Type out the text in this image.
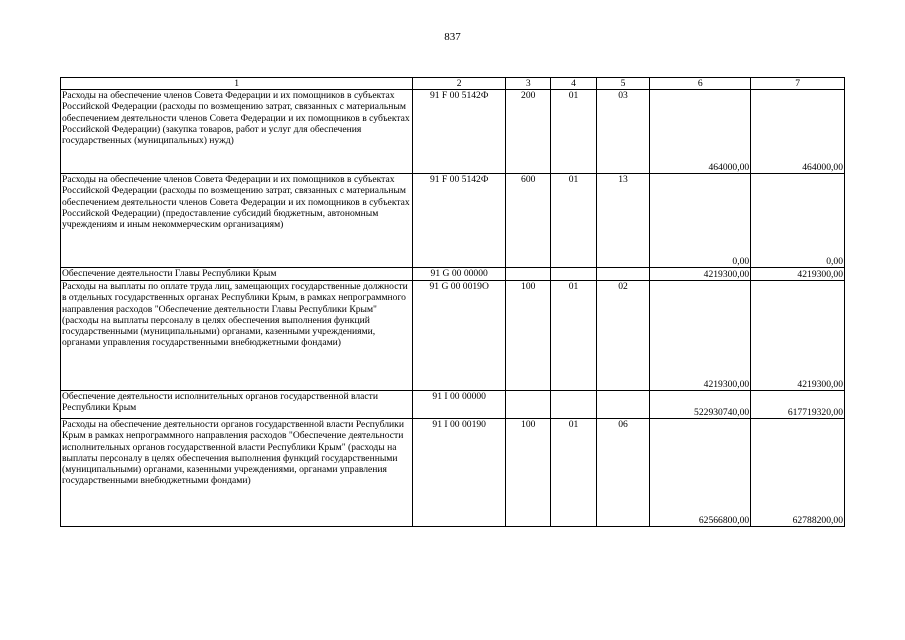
837
1	2	3	4	5	6	7
Расходы на обеспечение членов Совета Федерации и их помощников в субъектах Российской Федерации (расходы по возмещению затрат, связанных с материальным обеспечением деятельности членов Совета Федерации и их помощников в субъектах Российской Федерации) (закупка товаров, работ и услуг для обеспечения государственных (муниципальных) нужд)	91 F 00 5142Ф	200	01	03	464000,00	464000,00
Расходы на обеспечение членов Совета Федерации и их помощников в субъектах Российской Федерации (расходы по возмещению затрат, связанных с материальным обеспечением деятельности членов Совета Федерации и их помощников в субъектах Российской Федерации) (предоставление субсидий бюджетным, автономным учреждениям и иным некоммерческим организациям)	91 F 00 5142Ф	600	01	13	0,00	0,00
Обеспечение деятельности Главы Республики Крым	91 G 00 00000				4219300,00	4219300,00
Расходы на выплаты по оплате труда лиц, замещающих государственные должности в отдельных государственных органах Республики Крым, в рамках непрограммного направления расходов "Обеспечение деятельности Главы Республики Крым" (расходы на выплаты персоналу в целях обеспечения выполнения функций государственными (муниципальными) органами, казенными учреждениями, органами управления государственными внебюджетными фондами)	91 G 00 0019О	100	01	02	4219300,00	4219300,00
Обеспечение деятельности исполнительных органов государственной власти Республики Крым	91 I 00 00000				522930740,00	617719320,00
Расходы на обеспечение деятельности органов государственной власти Республики Крым в рамках непрограммного направления расходов "Обеспечение деятельности исполнительных органов государственной власти Республики Крым" (расходы на выплаты персоналу в целях обеспечения выполнения функций государственными (муниципальными) органами, казенными учреждениями, органами управления государственными внебюджетными фондами)	91 I 00 00190	100	01	06	62566800,00	62788200,00
